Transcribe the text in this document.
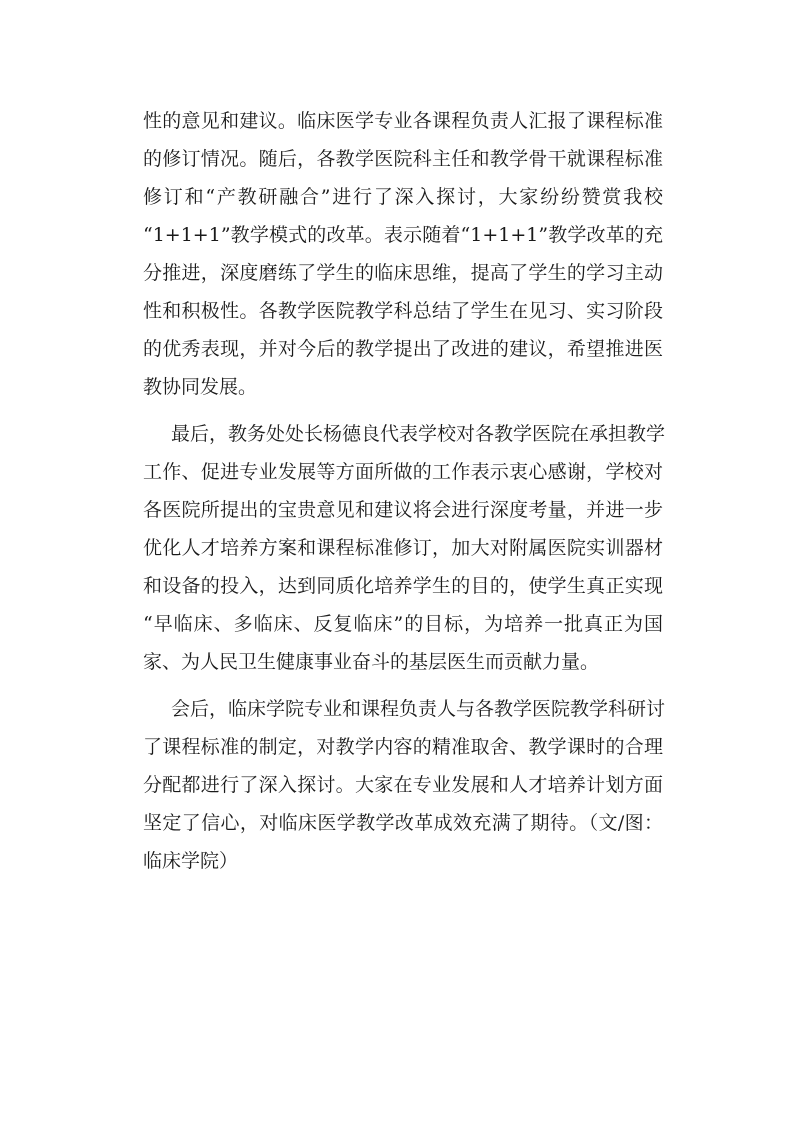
性的意见和建议。临床医学专业各课程负责人汇报了课程标准
的修订情况。随后，各教学医院科主任和教学骨干就课程标准
修订和“产教研融合”进行了深入探讨，大家纷纷赞赏我校
“1+1+1”教学模式的改革。表示随着“1+1+1”教学改革的充
分推进，深度磨练了学生的临床思维，提高了学生的学习主动
性和积极性。各教学医院教学科总结了学生在见习、实习阶段
的优秀表现，并对今后的教学提出了改进的建议，希望推进医
教协同发展。
最后，教务处处长杨德良代表学校对各教学医院在承担教学
工作、促进专业发展等方面所做的工作表示衷心感谢，学校对
各医院所提出的宝贵意见和建议将会进行深度考量，并进一步
优化人才培养方案和课程标准修订，加大对附属医院实训器材
和设备的投入，达到同质化培养学生的目的，使学生真正实现
“早临床、多临床、反复临床”的目标，为培养一批真正为国
家、为人民卫生健康事业奋斗的基层医生而贡献力量。
会后，临床学院专业和课程负责人与各教学医院教学科研讨
了课程标准的制定，对教学内容的精准取舍、教学课时的合理
分配都进行了深入探讨。大家在专业发展和人才培养计划方面
坚定了信心，对临床医学教学改革成效充满了期待。（文/图：
临床学院）
